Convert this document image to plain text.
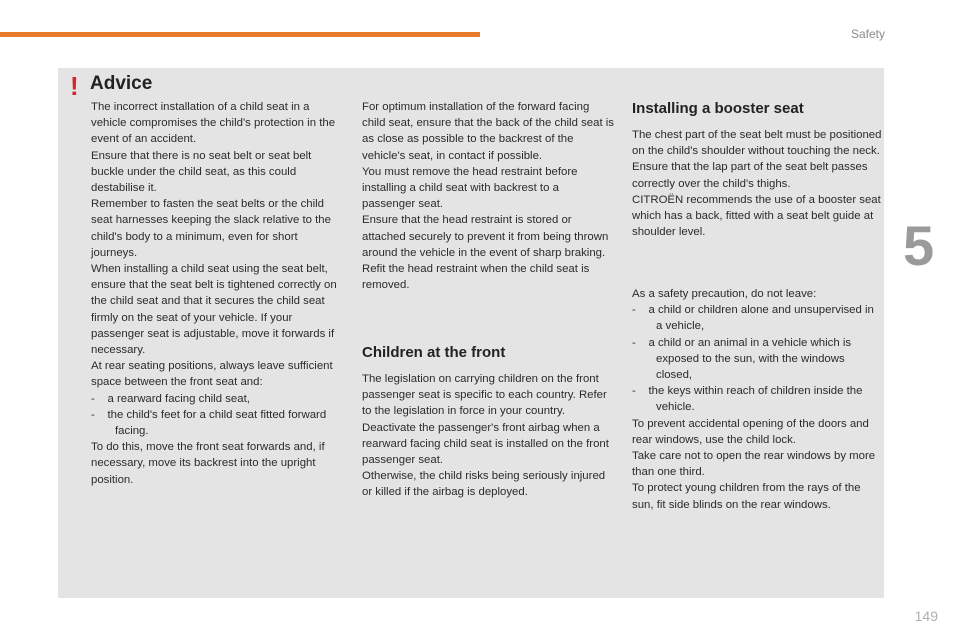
Safety
5
149
! Advice

The incorrect installation of a child seat in a vehicle compromises the child's protection in the event of an accident.

Ensure that there is no seat belt or seat belt buckle under the child seat, as this could destabilise it.

Remember to fasten the seat belts or the child seat harnesses keeping the slack relative to the child's body to a minimum, even for short journeys.

When installing a child seat using the seat belt, ensure that the seat belt is tightened correctly on the child seat and that it secures the child seat firmly on the seat of your vehicle. If your passenger seat is adjustable, move it forwards if necessary.

At rear seating positions, always leave sufficient space between the front seat and:

-    a rearward facing child seat,

-    the child's feet for a child seat fitted forward facing.

To do this, move the front seat forwards and, if necessary, move its backrest into the upright position.

For optimum installation of the forward facing child seat, ensure that the back of the child seat is as close as possible to the backrest of the vehicle's seat, in contact if possible.

You must remove the head restraint before installing a child seat with backrest to a passenger seat.

Ensure that the head restraint is stored or attached securely to prevent it from being thrown around the vehicle in the event of sharp braking. Refit the head restraint when the child seat is removed.

Children at the front

The legislation on carrying children on the front passenger seat is specific to each country. Refer to the legislation in force in your country.

Deactivate the passenger's front airbag when a rearward facing child seat is installed on the front passenger seat.

Otherwise, the child risks being seriously injured or killed if the airbag is deployed.

Installing a booster seat

The chest part of the seat belt must be positioned on the child's shoulder without touching the neck.

Ensure that the lap part of the seat belt passes correctly over the child's thighs.

CITROËN recommends the use of a booster seat which has a back, fitted with a seat belt guide at shoulder level.

As a safety precaution, do not leave:

-    a child or children alone and unsupervised in a vehicle,

-    a child or an animal in a vehicle which is exposed to the sun, with the windows closed,

-    the keys within reach of children inside the vehicle.

To prevent accidental opening of the doors and rear windows, use the child lock.

Take care not to open the rear windows by more than one third.

To protect young children from the rays of the sun, fit side blinds on the rear windows.
